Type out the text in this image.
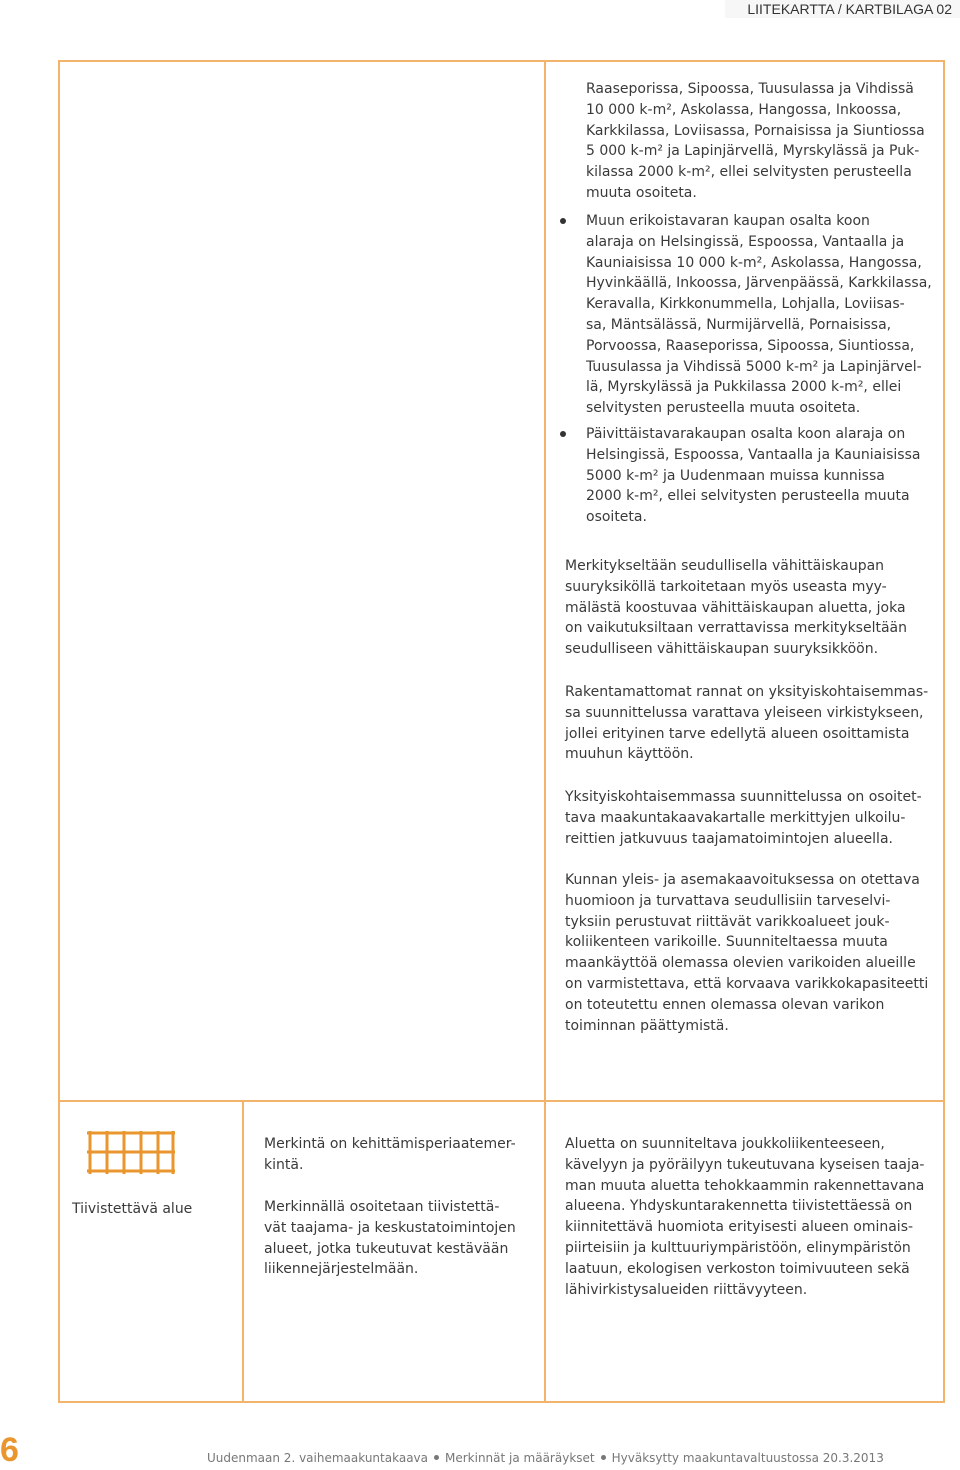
LIITEKARTTA / KARTBILAGA 02

Raaseporissa, Sipoossa, Tuusulassa ja Vihdissä
10 000 k-m², Askolassa, Hangossa, Inkoossa,
Karkkilassa, Loviisassa, Pornaisissa ja Siuntiossa
5 000 k-m² ja Lapinjärvellä, Myrskylässä ja Puk-
kilassa 2000 k-m², ellei selvitysten perusteella
muuta osoiteta.

Muun erikoistavaran kaupan osalta koon
alaraja on Helsingissä, Espoossa, Vantaalla ja
Kauniaisissa 10 000 k-m², Askolassa, Hangossa,
Hyvinkäällä, Inkoossa, Järvenpäässä, Karkkilassa,
Keravalla, Kirkkonummella, Lohjalla, Loviisas-
sa, Mäntsälässä, Nurmijärvellä, Pornaisissa,
Porvoossa, Raaseporissa, Sipoossa, Siuntiossa,
Tuusulassa ja Vihdissä 5000 k-m² ja Lapinjärvel-
lä, Myrskylässä ja Pukkilassa 2000 k-m², ellei
selvitysten perusteella muuta osoiteta.
Päivittäistavarakaupan osalta koon alaraja on
Helsingissä, Espoossa, Vantaalla ja Kauniaisissa
5000 k-m² ja Uudenmaan muissa kunnissa
2000 k-m², ellei selvitysten perusteella muuta
osoiteta.

Merkitykseltään seudullisella vähittäiskaupan
suuryksiköllä tarkoitetaan myös useasta myy-
mälästä koostuvaa vähittäiskaupan aluetta, joka
on vaikutuksiltaan verrattavissa merkitykseltään
seudulliseen vähittäiskaupan suuryksikköön.

Rakentamattomat rannat on yksityiskohtaisemmas-
sa suunnittelussa varattava yleiseen virkistykseen,
jollei erityinen tarve edellytä alueen osoittamista
muuhun käyttöön.

Yksityiskohtaisemmassa suunnittelussa on osoitet-
tava maakuntakaavakartalle merkittyjen ulkoilu-
reittien jatkuvuus taajamatoimintojen alueella.

Kunnan yleis- ja asemakaavoituksessa on otettava
huomioon ja turvattava seudullisiin tarveselvi-
tyksiin perustuvat riittävät varikkoalueet jouk-
koliikenteen varikoille. Suunniteltaessa muuta
maankäyttöä olemassa olevien varikoiden alueille
on varmistettava, että korvaava varikkokapasiteetti
on toteutettu ennen olemassa olevan varikon
toiminnan päättymistä.

Tiivistettävä alue

Merkintä on kehittämisperiaatemer-
kintä.

Merkinnällä osoitetaan tiivistettä-
vät taajama- ja keskustatoimintojen
alueet, jotka tukeutuvat kestävään
liikennejärjestelmään.

Aluetta on suunniteltava joukkoliikenteeseen,
kävelyyn ja pyöräilyyn tukeutuvana kyseisen taaja-
man muuta aluetta tehokkaammin rakennettavana
alueena. Yhdyskuntarakennetta tiivistettäessä on
kiinnitettävä huomiota erityisesti alueen ominais-
piirteisiin ja kulttuuriympäristöön, elinympäristön
laatuun, ekologisen verkoston toimivuuteen sekä
lähivirkistysalueiden riittävyyteen.

6	Uudenmaan 2. vaihemaakuntakaava Merkinnät ja määräykset Hyväksytty maakuntavaltuustossa 20.3.2013
